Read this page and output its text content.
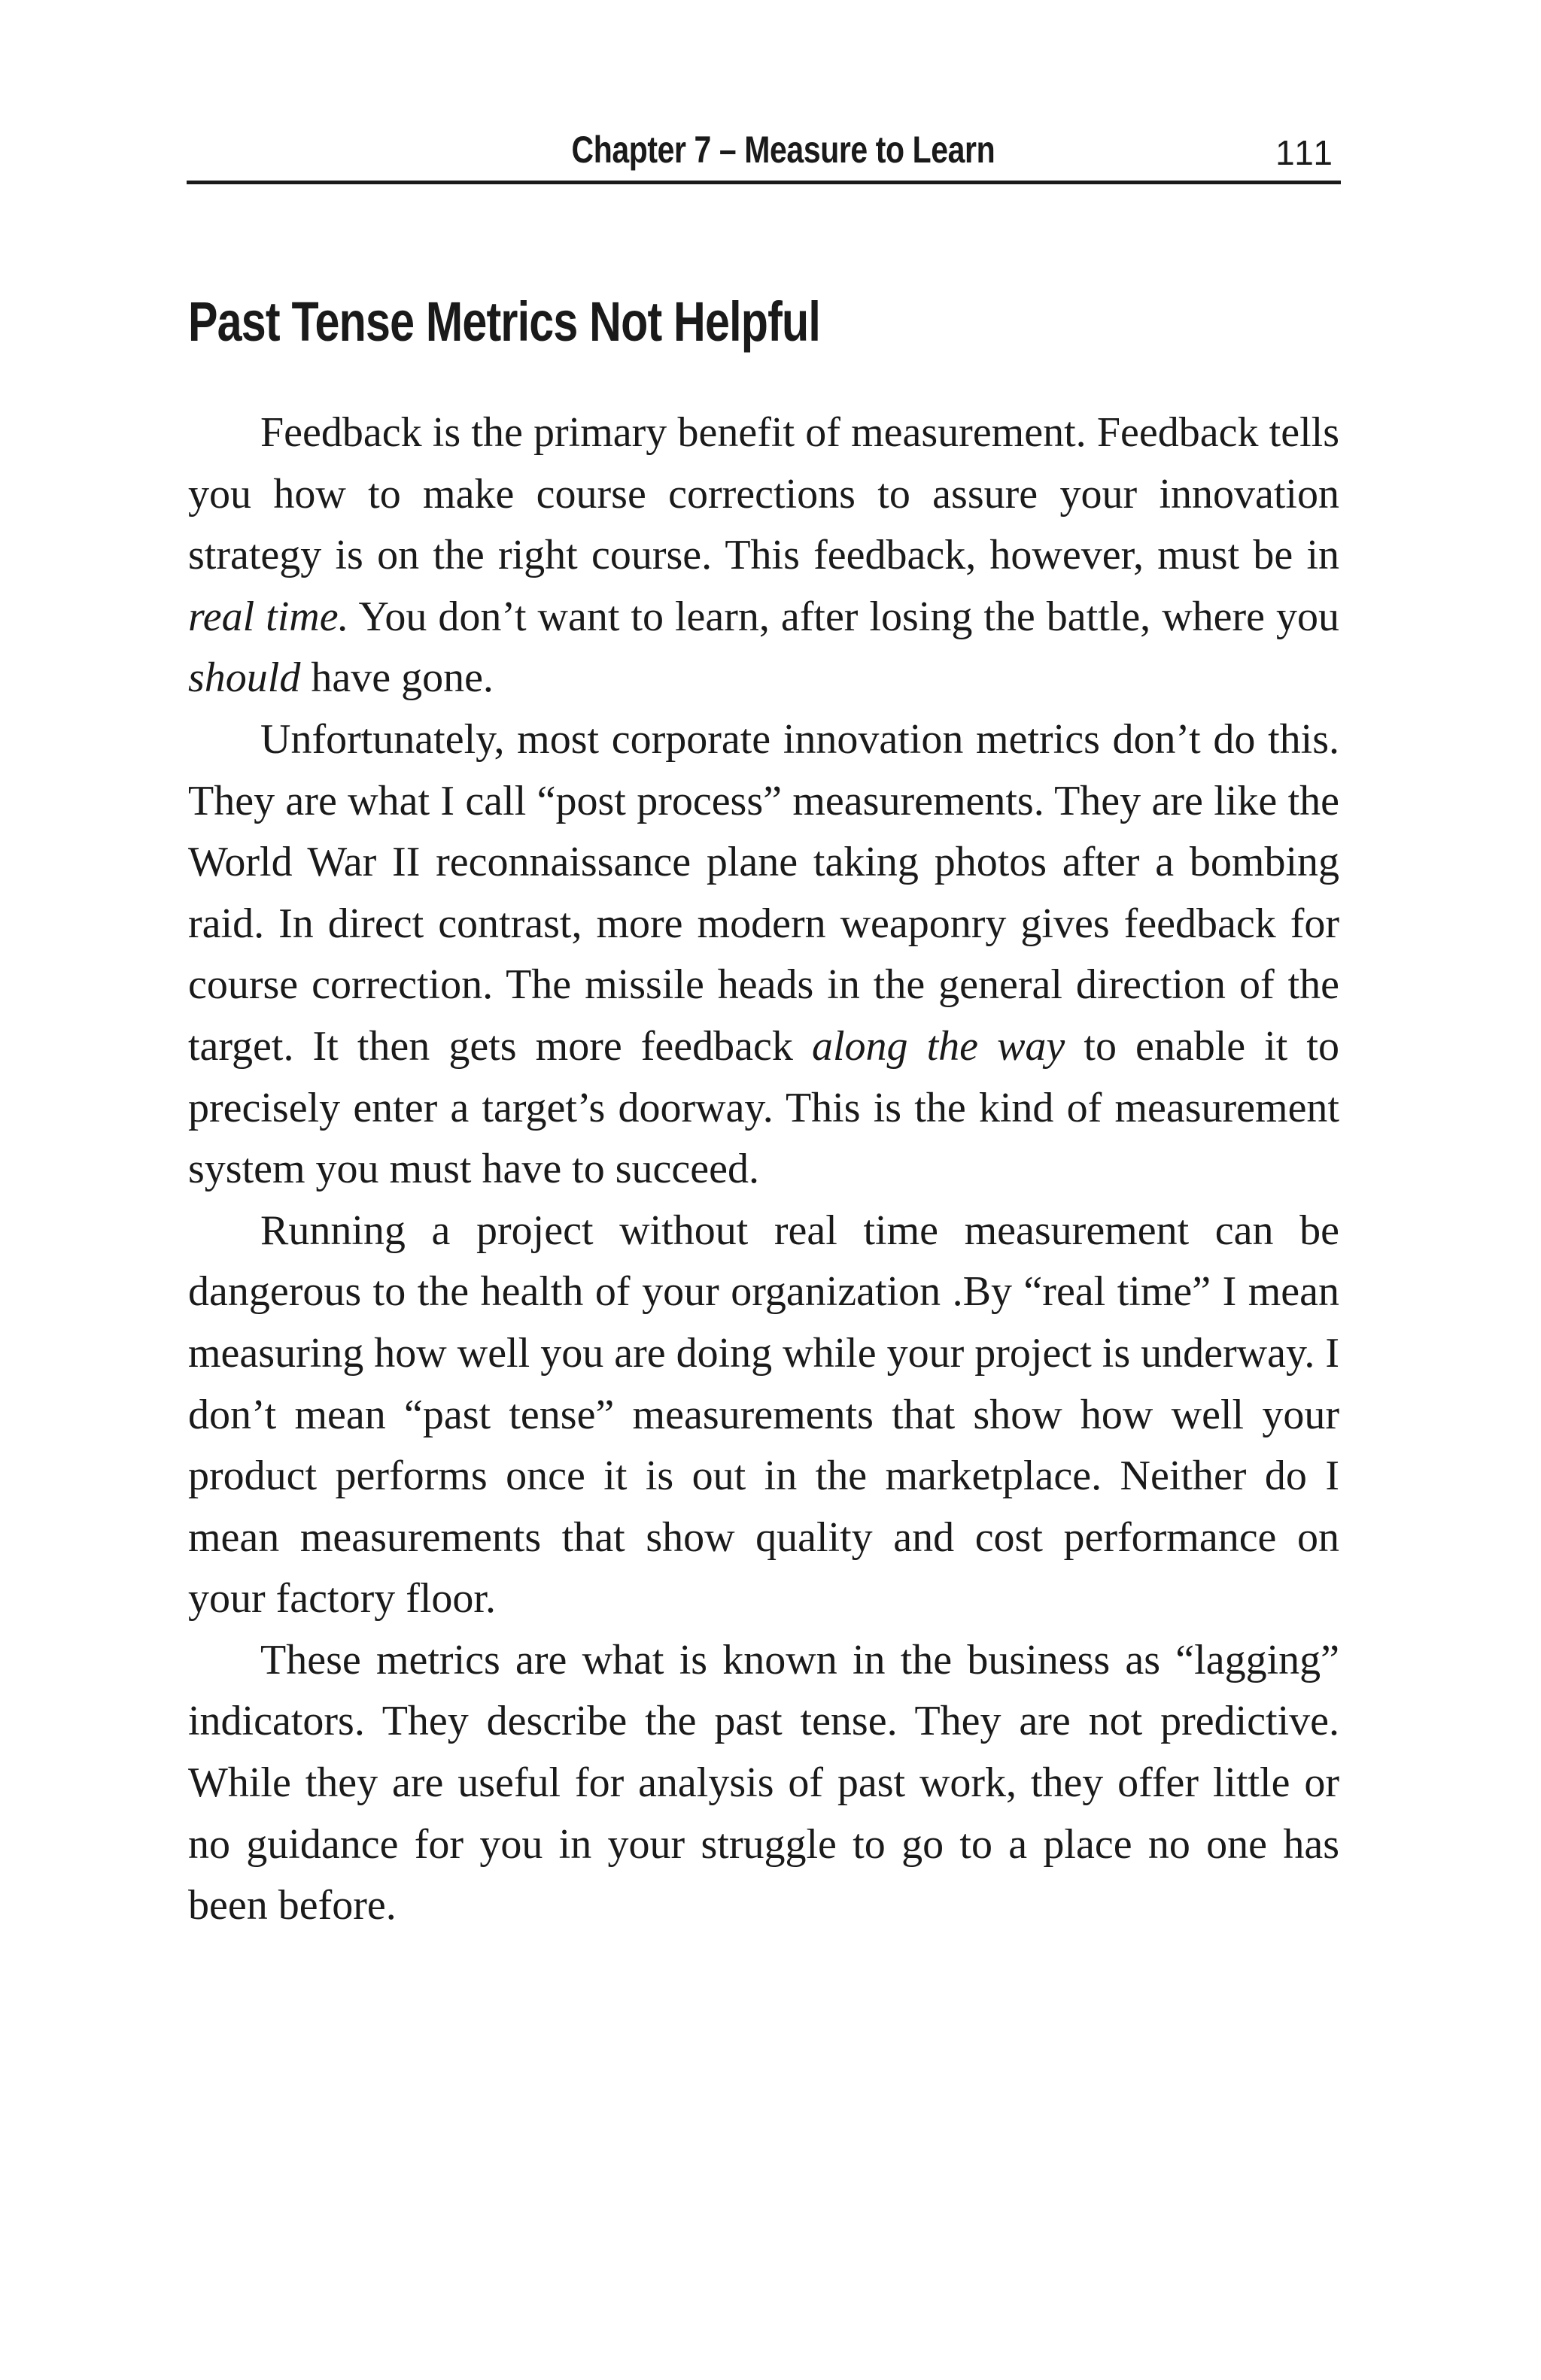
Chapter 7 – Measure to Learn	111
Past Tense Metrics Not Helpful

Feedback is the primary benefit of measurement. Feedback tells you how to make course corrections to assure your innovation strategy is on the right course. This feedback, however, must be in real time. You don’t want to learn, after losing the battle, where you should have gone.

Unfortunately, most corporate innovation metrics don’t do this. They are what I call “post process” measurements. They are like the World War II reconnaissance plane taking photos after a bombing raid. In direct contrast, more modern weaponry gives feedback for course correction. The missile heads in the general direction of the target. It then gets more feedback along the way to enable it to precisely enter a target’s doorway. This is the kind of measurement system you must have to succeed.

Running a project without real time measurement can be dangerous to the health of your organization .By “real time” I mean measuring how well you are doing while your project is underway. I don’t mean “past tense” measurements that show how well your product performs once it is out in the marketplace. Neither do I mean measurements that show quality and cost performance on your factory floor.

These metrics are what is known in the business as “lagging” indicators. They describe the past tense. They are not predictive. While they are useful for analysis of past work, they offer little or no guidance for you in your struggle to go to a place no one has been before.
